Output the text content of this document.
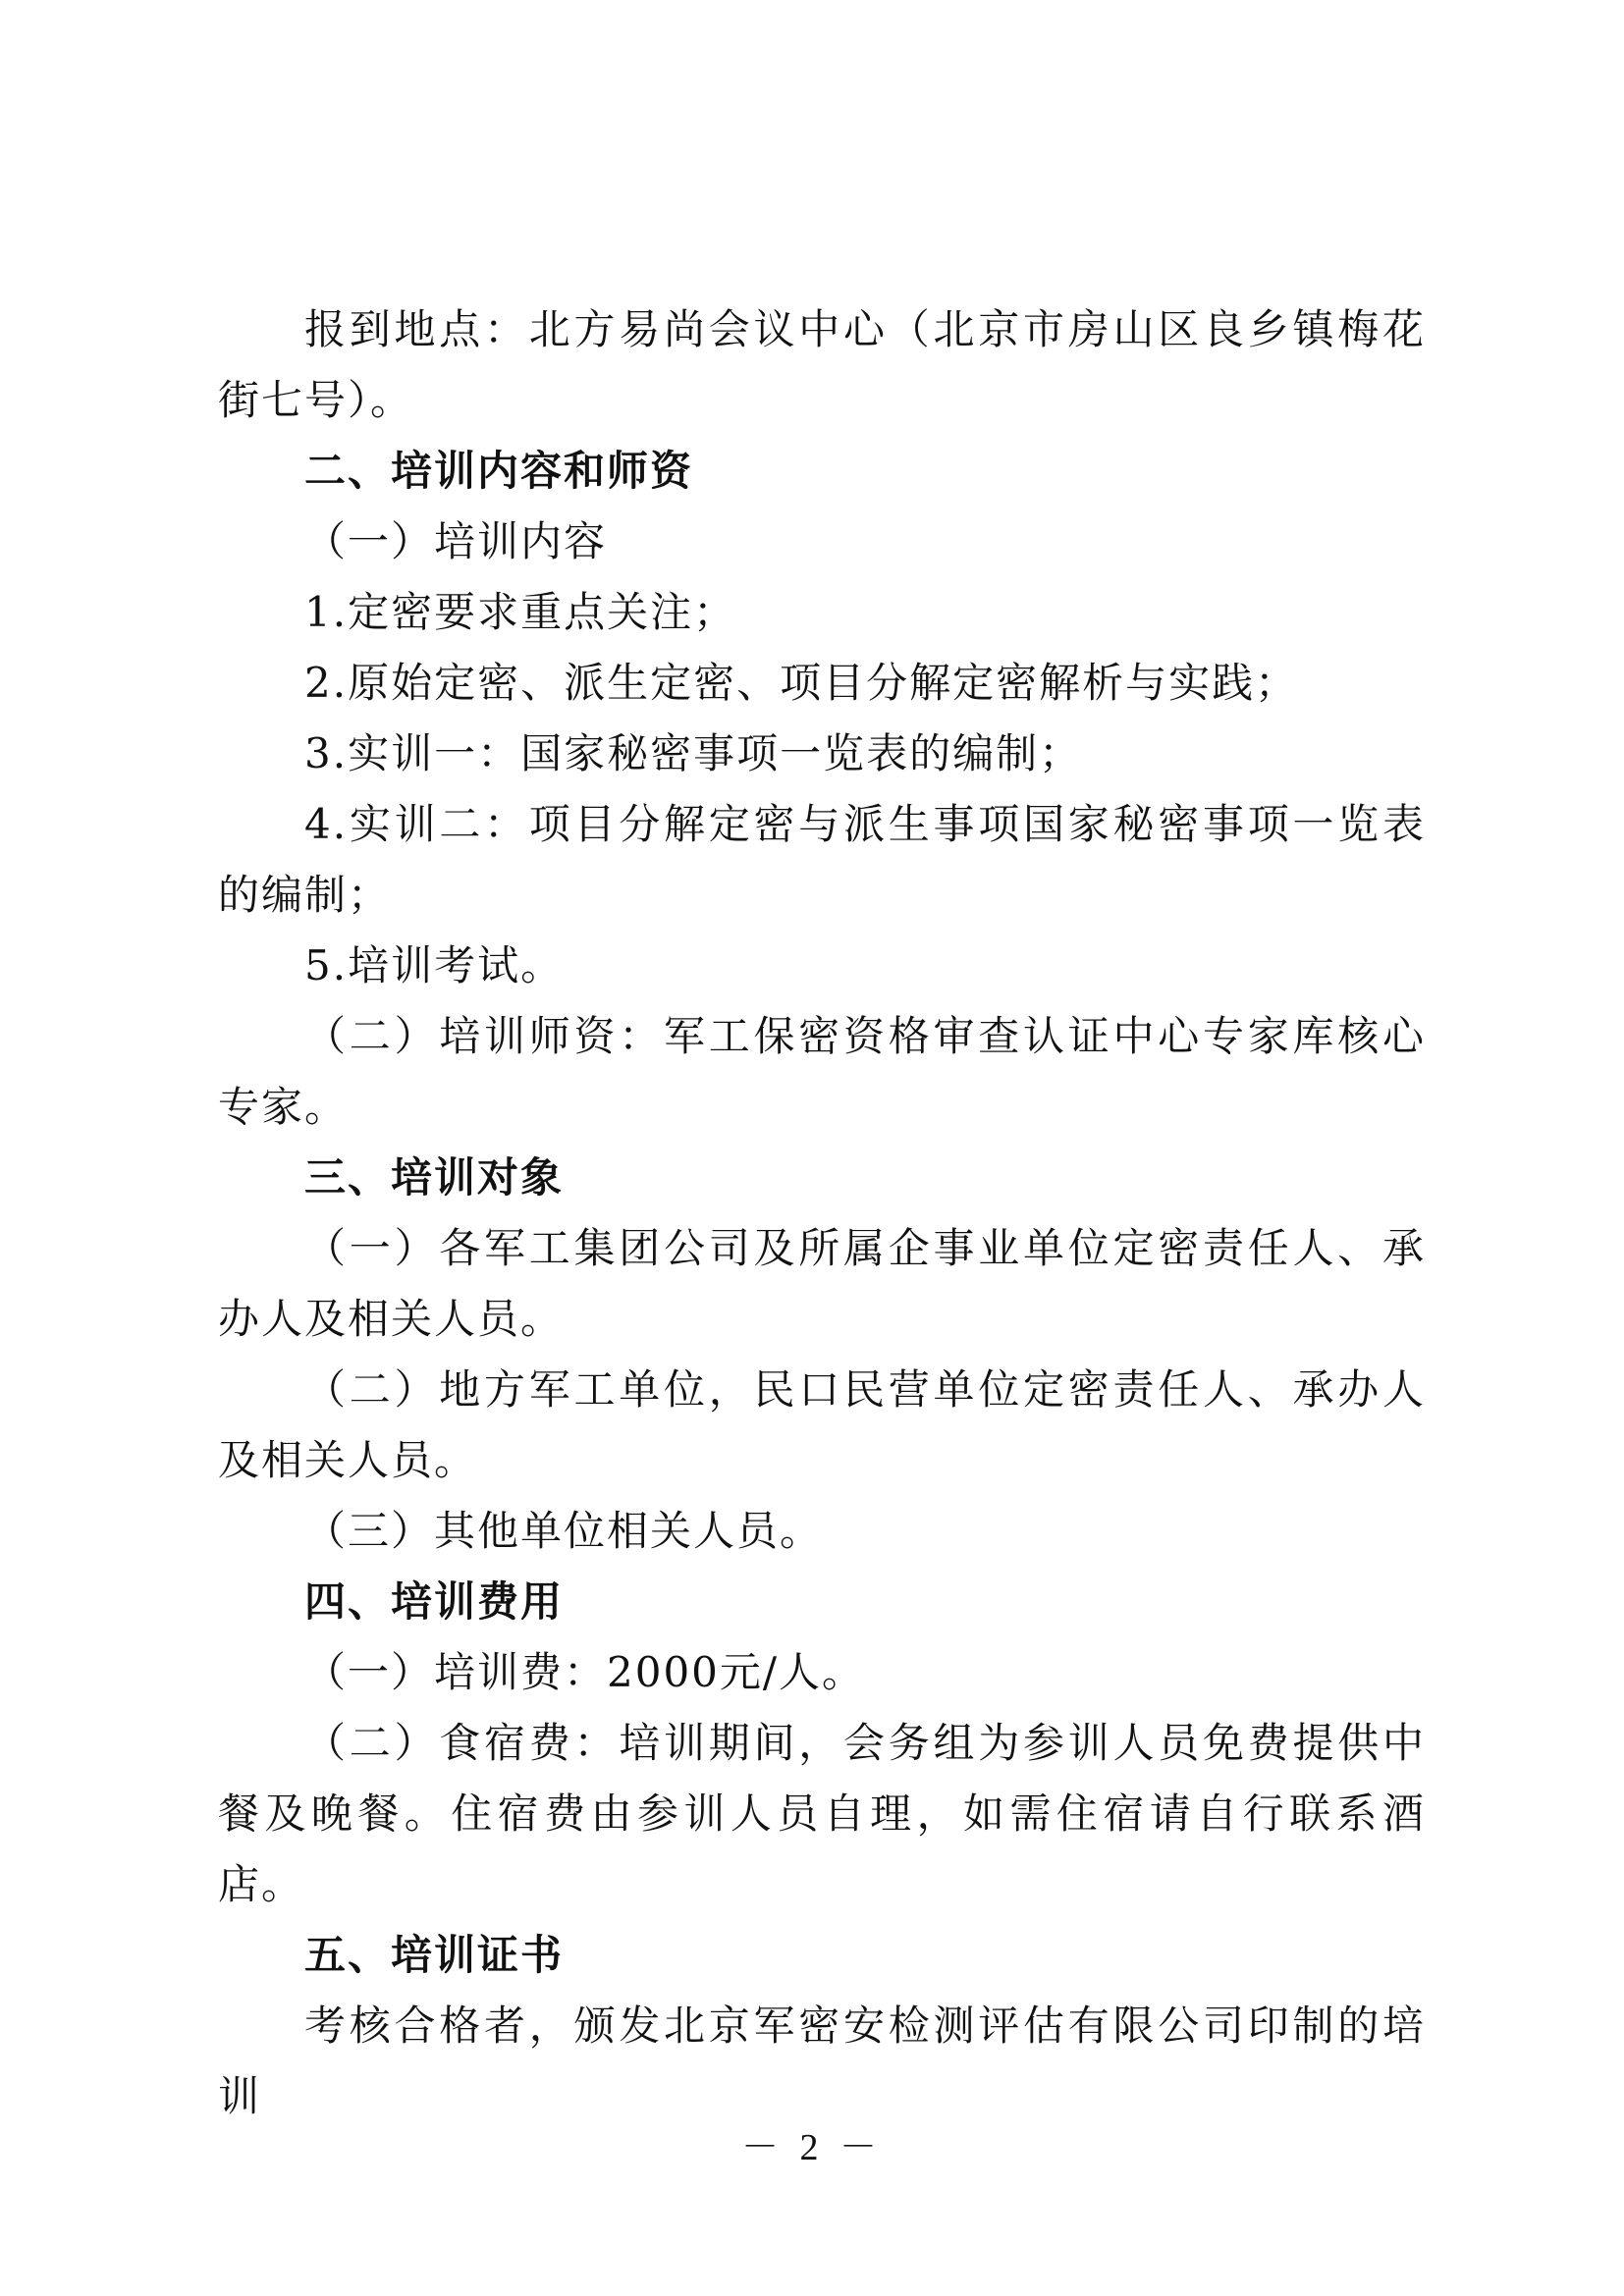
报到地点：北方易尚会议中心（北京市房山区良乡镇梅花街七号）。

二、培训内容和师资

（一）培训内容

1.定密要求重点关注；

2.原始定密、派生定密、项目分解定密解析与实践；

3.实训一：国家秘密事项一览表的编制；

4.实训二：项目分解定密与派生事项国家秘密事项一览表的编制；

5.培训考试。

（二）培训师资：军工保密资格审查认证中心专家库核心专家。

三、培训对象

（一）各军工集团公司及所属企事业单位定密责任人、承办人及相关人员。

（二）地方军工单位，民口民营单位定密责任人、承办人及相关人员。

（三）其他单位相关人员。

四、培训费用

（一）培训费：2000元/人。

（二）食宿费：培训期间，会务组为参训人员免费提供中餐及晚餐。住宿费由参训人员自理，如需住宿请自行联系酒店。

五、培训证书

考核合格者，颁发北京军密安检测评估有限公司印制的培训

－ 2 －
